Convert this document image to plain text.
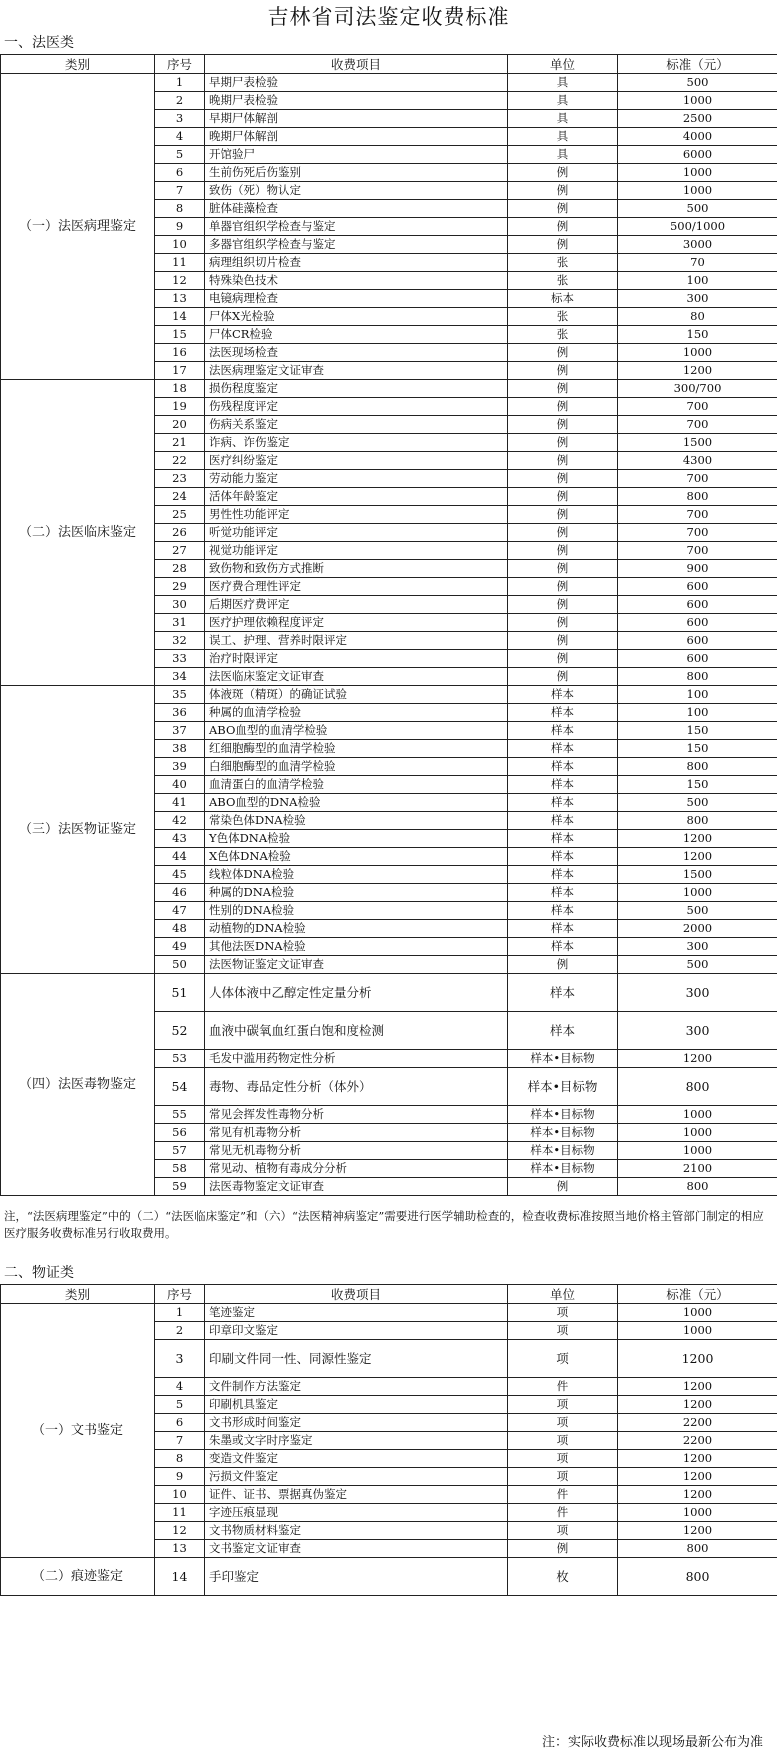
吉林省司法鉴定收费标准
一、法医类
类别	序号	收费项目	单位	标准（元）
（一）法医病理鉴定	1	早期尸表检验	具	500
	2	晚期尸表检验	具	1000
	3	早期尸体解剖	具	2500
	4	晚期尸体解剖	具	4000
	5	开馆验尸	具	6000
	6	生前伤死后伤鉴别	例	1000
	7	致伤（死）物认定	例	1000
	8	脏体硅藻检查	例	500
	9	单器官组织学检查与鉴定	例	500/1000
	10	多器官组织学检查与鉴定	例	3000
	11	病理组织切片检查	张	70
	12	特殊染色技术	张	100
	13	电镜病理检查	标本	300
	14	尸体X光检验	张	80
	15	尸体CR检验	张	150
	16	法医现场检查	例	1000
	17	法医病理鉴定文证审查	例	1200
（二）法医临床鉴定	18	损伤程度鉴定	例	300/700
	19	伤残程度评定	例	700
	20	伤病关系鉴定	例	700
	21	诈病、诈伤鉴定	例	1500
	22	医疗纠纷鉴定	例	4300
	23	劳动能力鉴定	例	700
	24	活体年龄鉴定	例	800
	25	男性性功能评定	例	700
	26	听觉功能评定	例	700
	27	视觉功能评定	例	700
	28	致伤物和致伤方式推断	例	900
	29	医疗费合理性评定	例	600
	30	后期医疗费评定	例	600
	31	医疗护理依赖程度评定	例	600
	32	误工、护理、营养时限评定	例	600
	33	治疗时限评定	例	600
	34	法医临床鉴定文证审查	例	800
（三）法医物证鉴定	35	体液斑（精斑）的确证试验	样本	100
	36	种属的血清学检验	样本	100
	37	ABO血型的血清学检验	样本	150
	38	红细胞酶型的血清学检验	样本	150
	39	白细胞酶型的血清学检验	样本	800
	40	血清蛋白的血清学检验	样本	150
	41	ABO血型的DNA检验	样本	500
	42	常染色体DNA检验	样本	800
	43	Y色体DNA检验	样本	1200
	44	X色体DNA检验	样本	1200
	45	线粒体DNA检验	样本	1500
	46	种属的DNA检验	样本	1000
	47	性别的DNA检验	样本	500
	48	动植物的DNA检验	样本	2000
	49	其他法医DNA检验	样本	300
	50	法医物证鉴定文证审查	例	500
（四）法医毒物鉴定	51	人体体液中乙醇定性定量分析	样本	300
	52	血液中碳氧血红蛋白饱和度检测	样本	300
	53	毛发中滥用药物定性分析	样本•目标物	1200
	54	毒物、毒品定性分析（体外）	样本•目标物	800
	55	常见会挥发性毒物分析	样本•目标物	1000
	56	常见有机毒物分析	样本•目标物	1000
	57	常见无机毒物分析	样本•目标物	1000
	58	常见动、植物有毒成分分析	样本•目标物	2100
	59	法医毒物鉴定文证审查	例	800
注，“法医病理鉴定”中的（二）“法医临床鉴定”和（六）“法医精神病鉴定”需要进行医学辅助检查的，检查收费标准按照当地价格主管部门制定的相应医疗服务收费标准另行收取费用。
二、物证类
类别	序号	收费项目	单位	标准（元）
（一）文书鉴定	1	笔迹鉴定	项	1000
	2	印章印文鉴定	项	1000
	3	印刷文件同一性、同源性鉴定	项	1200
	4	文件制作方法鉴定	件	1200
	5	印刷机具鉴定	项	1200
	6	文书形成时间鉴定	项	2200
	7	朱墨或文字时序鉴定	项	2200
	8	变造文件鉴定	项	1200
	9	污损文件鉴定	项	1200
	10	证件、证书、票据真伪鉴定	件	1200
	11	字迹压痕显现	件	1000
	12	文书物质材料鉴定	项	1200
	13	文书鉴定文证审查	例	800
（二）痕迹鉴定	14	手印鉴定	枚	800
注：实际收费标准以现场最新公布为准
